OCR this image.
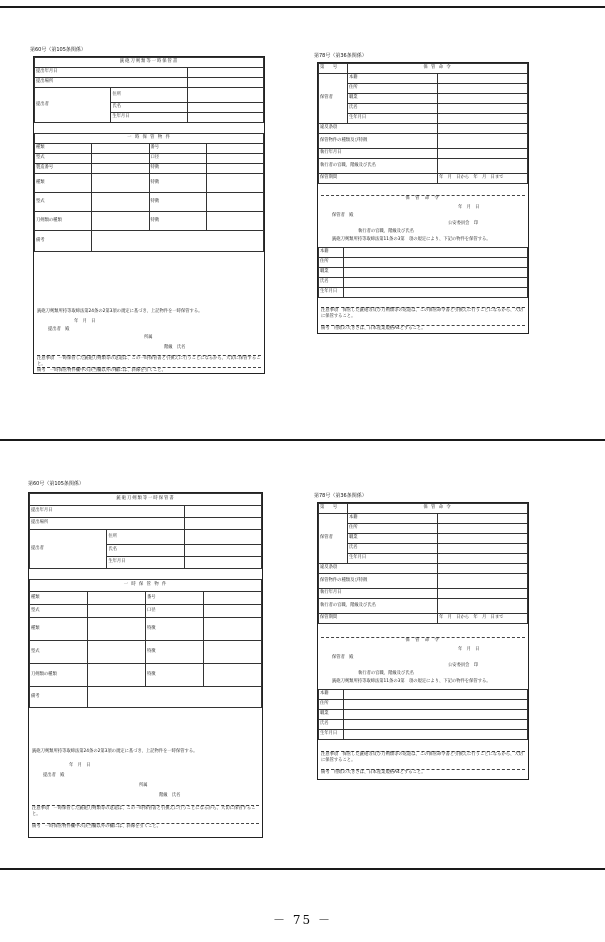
第60号（第105条関係）
銃砲刀剣類等一時保管書		
提出年月日		
提出場所		
提出者	住所	
	氏名	
	生年月日	
一 時 保 管 物 件			
種類		番号	
型式		口径	
製造番号		特徴	
種類		特徴	
型式		特徴	
刀剣類の種類		特徴	
備考			
銃砲刀剣類所持等取締法第24条の2第3項の規定に基づき、上記物件を一時保管する。
年　月　日
提出者　殿
所属
階級　氏名
注意事項　 一時保管した銃砲刀剣類等の返還は、この一時保管書と引換えに行うことになるから、大切に保管すること。
備考　一時保管物件欄中の該当欄以外の欄には、斜線を引くこと。
第78号（第36条関係）
第　　号	保 管 命 令	
保管者	本籍	
	住所	
	職業	
	氏名	
	生年月日	
違反条項		
保管物件の種類及び特徴		
執行年月日		
執行者の官職、階級及び氏名		
保管期間		年　月　日から　年　月　日まで
保 管 命 令
年　月　日
保管者　殿
公安委員会　印
執行者の官職、階級及び氏名
銃砲刀剣類所持等取締法第11条の3第　項の規定により、下記の物件を保管する。
本籍	
住所	
職業	
氏名	
生年月日	
注意事項　 保管した銃砲等及び刀剣類等の返還は、この保管命令書と引換えに行うことになるから、大切に保管すること。
備考　用紙の大きさは、日本産業規格A4とすること。
第60号（第105条関係）
銃砲刀剣類等一時保管書		
提出年月日		
提出場所		
提出者	住所	
	氏名	
	生年月日	
一 時 保 管 物 件			
種類		番号	
型式		口径	
種類		特徴	
型式		特徴	
刀剣類の種類		特徴	
備考			
銃砲刀剣類所持等取締法第24条の2第3項の規定に基づき、上記物件を一時保管する。
年　月　日
提出者　殿
所属
階級　氏名
注意事項　 一時保管した銃砲刀剣類等の返還は、この一時保管書と引換えに行うことになるから、大切に保管すること。
備考　一時保管物件欄中の該当欄以外の欄には、斜線を引くこと。
第78号（第36条関係）
第　　号	保 管 命 令	
保管者	本籍	
	住所	
	職業	
	氏名	
	生年月日	
違反条項		
保管物件の種類及び特徴		
執行年月日		
執行者の官職、階級及び氏名		
保管期間		年　月　日から　年　月　日まで
保 管 命 令
年　月　日
保管者　殿
公安委員会　印
執行者の官職、階級及び氏名
銃砲刀剣類所持等取締法第11条の3第　項の規定により、下記の物件を保管する。
本籍	
住所	
職業	
氏名	
生年月日	
注意事項　 保管した銃砲等及び刀剣類等の返還は、この保管命令書と引換えに行うことになるから、大切に保管すること。
備考　用紙の大きさは、日本産業規格A4とすること。
－ 75 －
